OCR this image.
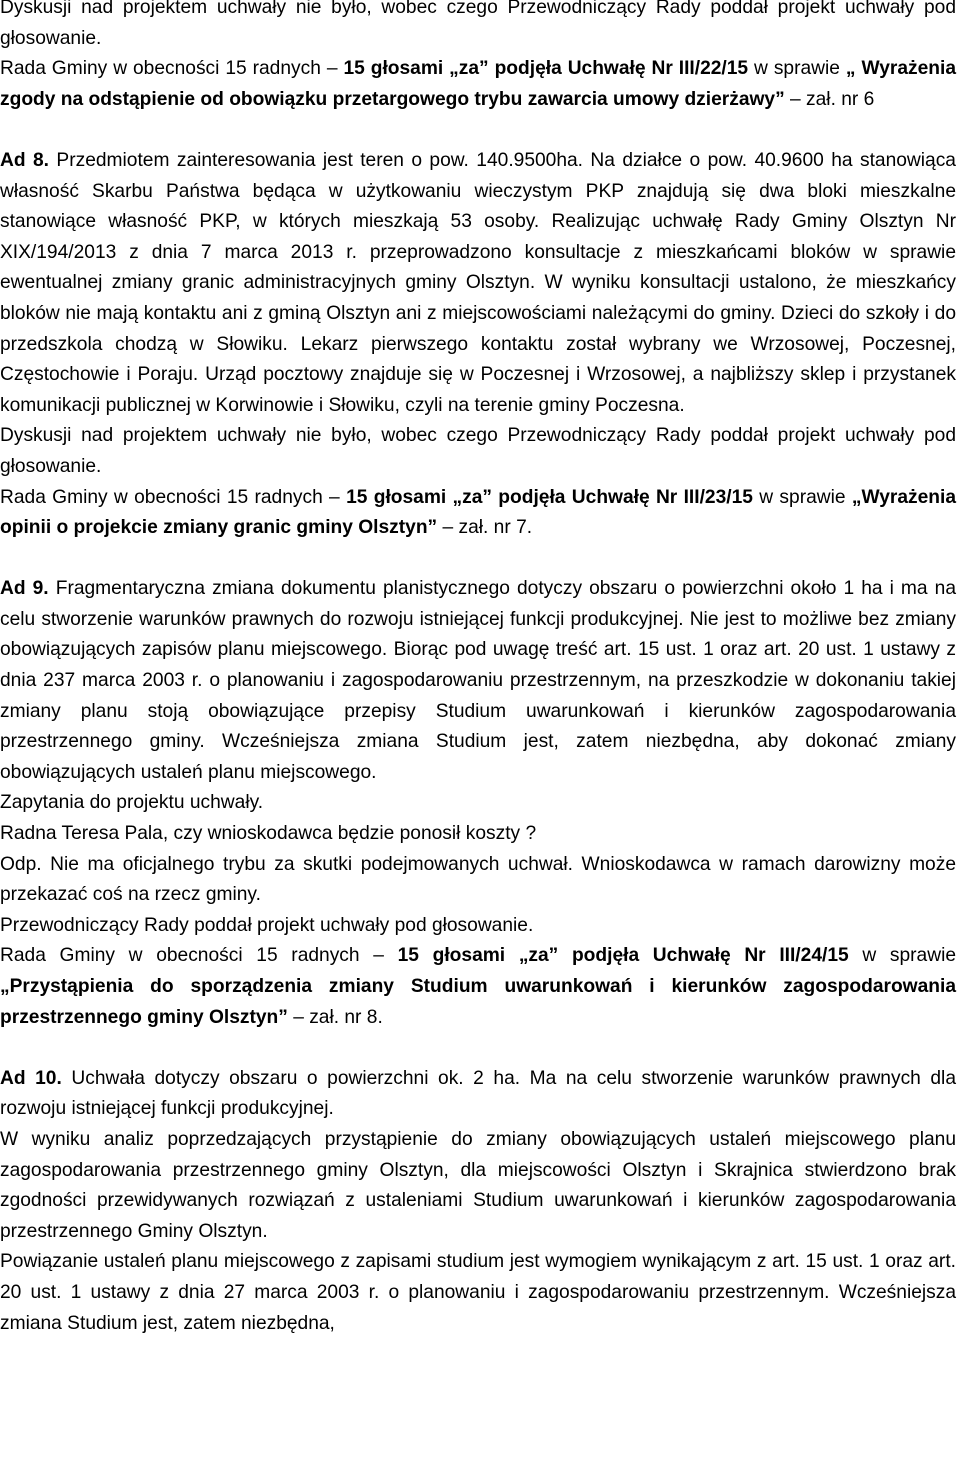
Dyskusji nad projektem uchwały nie było, wobec czego Przewodniczący Rady poddał projekt uchwały pod głosowanie.

Rada Gminy w obecności 15 radnych – 15 głosami „za” podjęła Uchwałę Nr III/22/15 w sprawie „ Wyrażenia zgody na odstąpienie od obowiązku przetargowego trybu zawarcia umowy dzierżawy” – zał. nr 6

Ad 8. Przedmiotem zainteresowania jest teren o pow. 140.9500ha. Na działce o pow. 40.9600 ha stanowiąca własność Skarbu Państwa będąca w użytkowaniu wieczystym PKP znajdują się dwa bloki mieszkalne stanowiące własność PKP, w których mieszkają 53 osoby. Realizując uchwałę Rady Gminy Olsztyn Nr XIX/194/2013 z dnia 7 marca 2013 r. przeprowadzono konsultacje z mieszkańcami bloków w sprawie ewentualnej zmiany granic administracyjnych gminy Olsztyn. W wyniku konsultacji ustalono, że mieszkańcy bloków nie mają kontaktu ani z gminą Olsztyn ani z miejscowościami należącymi do gminy. Dzieci do szkoły i do przedszkola chodzą w Słowiku. Lekarz pierwszego kontaktu został wybrany we Wrzosowej, Poczesnej, Częstochowie i Poraju. Urząd pocztowy znajduje się w Poczesnej i Wrzosowej, a najbliższy sklep i przystanek komunikacji publicznej w Korwinowie i Słowiku, czyli na terenie gminy Poczesna.

Dyskusji nad projektem uchwały nie było, wobec czego Przewodniczący Rady poddał projekt uchwały pod głosowanie.

Rada Gminy w obecności 15 radnych – 15 głosami „za” podjęła Uchwałę Nr III/23/15 w sprawie „Wyrażenia opinii o projekcie zmiany granic gminy Olsztyn” – zał. nr 7.

Ad 9. Fragmentaryczna zmiana dokumentu planistycznego dotyczy obszaru o powierzchni około 1 ha i ma na celu stworzenie warunków prawnych do rozwoju istniejącej funkcji produkcyjnej. Nie jest to możliwe bez zmiany obowiązujących zapisów planu miejscowego. Biorąc pod uwagę treść art. 15 ust. 1 oraz art. 20 ust. 1 ustawy z dnia 237 marca 2003 r. o planowaniu i zagospodarowaniu przestrzennym, na przeszkodzie w dokonaniu takiej zmiany planu stoją obowiązujące przepisy Studium uwarunkowań i kierunków zagospodarowania przestrzennego gminy. Wcześniejsza zmiana Studium jest, zatem niezbędna, aby dokonać zmiany obowiązujących ustaleń planu miejscowego.

Zapytania do projektu uchwały.

Radna Teresa Pala, czy wnioskodawca będzie ponosił koszty ?

Odp. Nie ma oficjalnego trybu za skutki podejmowanych uchwał. Wnioskodawca w ramach darowizny może przekazać coś na rzecz gminy.

Przewodniczący Rady poddał projekt uchwały pod głosowanie.

Rada Gminy w obecności 15 radnych – 15 głosami „za” podjęła Uchwałę Nr III/24/15 w sprawie „Przystąpienia do sporządzenia zmiany Studium uwarunkowań i kierunków zagospodarowania przestrzennego gminy Olsztyn” – zał. nr 8.

Ad 10. Uchwała dotyczy obszaru o powierzchni ok. 2 ha. Ma na celu stworzenie warunków prawnych dla rozwoju istniejącej funkcji produkcyjnej.

W wyniku analiz poprzedzających przystąpienie do zmiany obowiązujących ustaleń miejscowego planu zagospodarowania przestrzennego gminy Olsztyn, dla miejscowości Olsztyn i Skrajnica stwierdzono brak zgodności przewidywanych rozwiązań z ustaleniami Studium uwarunkowań i kierunków zagospodarowania przestrzennego Gminy Olsztyn.

Powiązanie ustaleń planu miejscowego z zapisami studium jest wymogiem wynikającym z art. 15 ust. 1 oraz art. 20 ust. 1 ustawy z dnia 27 marca 2003 r. o planowaniu i zagospodarowaniu przestrzennym. Wcześniejsza zmiana Studium jest, zatem niezbędna,
